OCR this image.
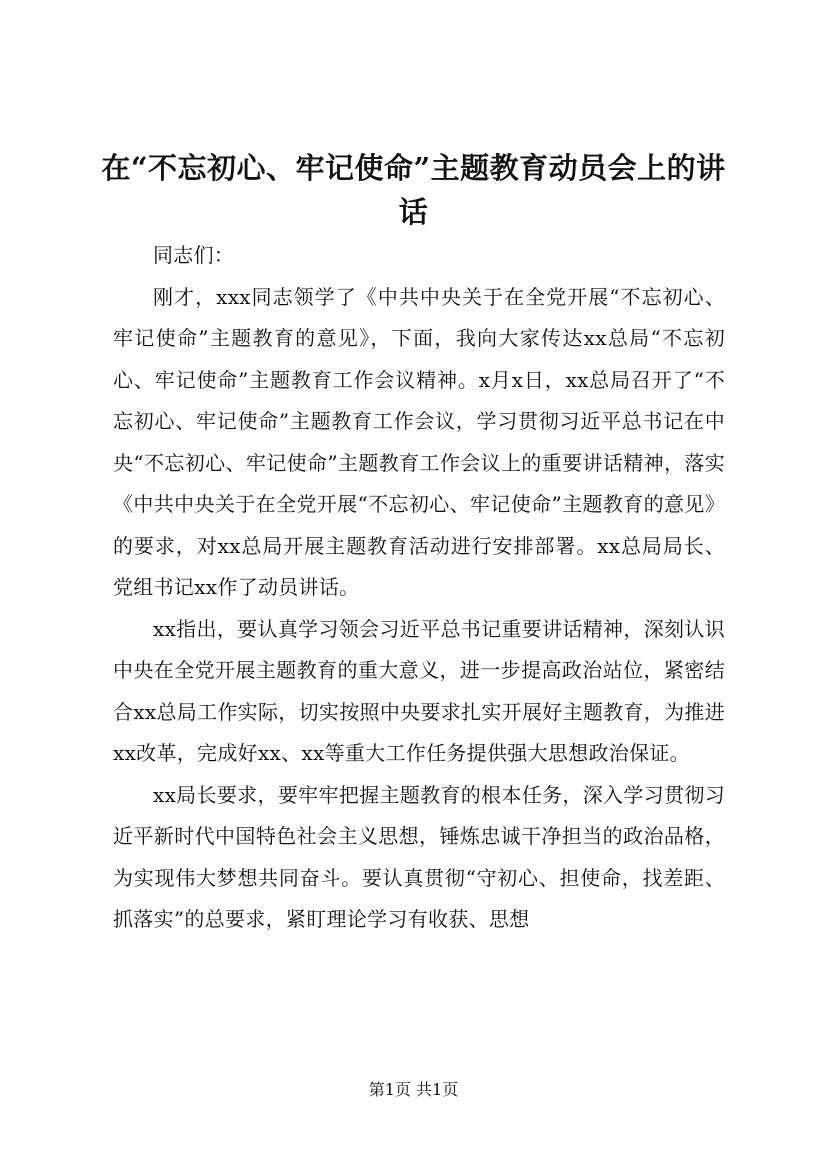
在“不忘初心、牢记使命”主题教育动员会上的讲话

同志们：

刚才，xxx同志领学了《中共中央关于在全党开展“不忘初心、牢记使命”主题教育的意见》，下面，我向大家传达xx总局“不忘初心、牢记使命”主题教育工作会议精神。x月x日，xx总局召开了“不忘初心、牢记使命”主题教育工作会议，学习贯彻习近平总书记在中央“不忘初心、牢记使命”主题教育工作会议上的重要讲话精神，落实《中共中央关于在全党开展“不忘初心、牢记使命”主题教育的意见》的要求，对xx总局开展主题教育活动进行安排部署。xx总局局长、党组书记xx作了动员讲话。

xx指出，要认真学习领会习近平总书记重要讲话精神，深刻认识中央在全党开展主题教育的重大意义，进一步提高政治站位，紧密结合xx总局工作实际，切实按照中央要求扎实开展好主题教育，为推进xx改革，完成好xx、xx等重大工作任务提供强大思想政治保证。

xx局长要求，要牢牢把握主题教育的根本任务，深入学习贯彻习近平新时代中国特色社会主义思想，锤炼忠诚干净担当的政治品格，为实现伟大梦想共同奋斗。要认真贯彻“守初心、担使命，找差距、抓落实”的总要求，紧盯理论学习有收获、思想

第1页 共1页
